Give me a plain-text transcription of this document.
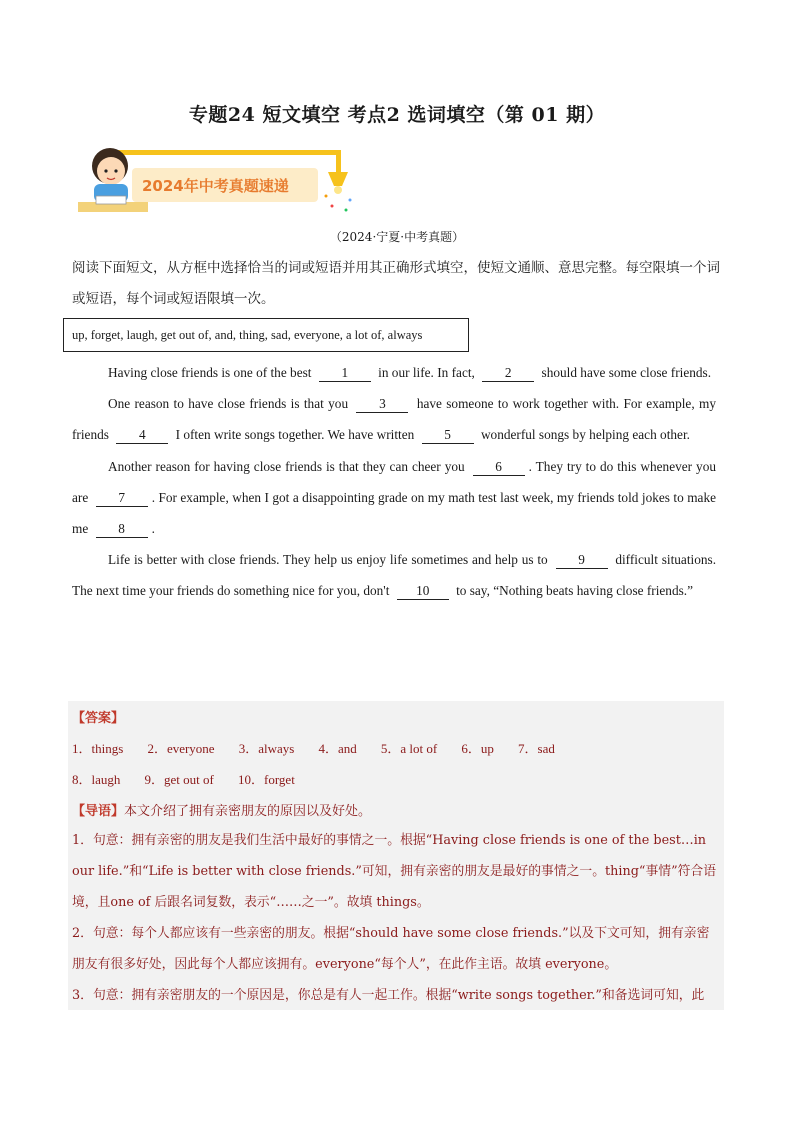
专题24 短文填空 考点2 选词填空（第 01 期）
2024年中考真题速递
（2024·宁夏·中考真题）
阅读下面短文，从方框中选择恰当的词或短语并用其正确形式填空，使短文通顺、意思完整。每空限填一个词或短语，每个词或短语限填一次。
up, forget, laugh, get out of, and, thing, sad, everyone, a lot of, always

Having close friends is one of the best 1 in our life. In fact, 2 should have some close friends.

One reason to have close friends is that you 3 have someone to work together with. For example, my friends 4 I often write songs together. We have written 5 wonderful songs by helping each other.

Another reason for having close friends is that they can cheer you 6 . They try to do this whenever you are 7 . For example, when I got a disappointing grade on my math test last week, my friends told jokes to make me 8 .

Life is better with close friends. They help us enjoy life sometimes and help us to 9 difficult situations. The next time your friends do something nice for you, don't 10 to say, “Nothing beats having close friends.”

【答案】
1．things 2．everyone 3．always 4．and 5．a lot of 6．up 7．sad
8．laugh 9．get out of 10．forget
【导语】本文介绍了拥有亲密朋友的原因以及好处。
1．句意：拥有亲密的朋友是我们生活中最好的事情之一。根据“Having close friends is one of the best…in our life.”和“Life is better with close friends.”可知，拥有亲密的朋友是最好的事情之一。thing“事情”符合语境，且one of 后跟名词复数，表示“……之一”。故填 things。
2．句意：每个人都应该有一些亲密的朋友。根据“should have some close friends.”以及下文可知，拥有亲密朋友有很多好处，因此每个人都应该拥有。everyone“每个人”，在此作主语。故填 everyone。
3．句意：拥有亲密朋友的一个原因是，你总是有人一起工作。根据“write songs together.”和备选词可知，此
